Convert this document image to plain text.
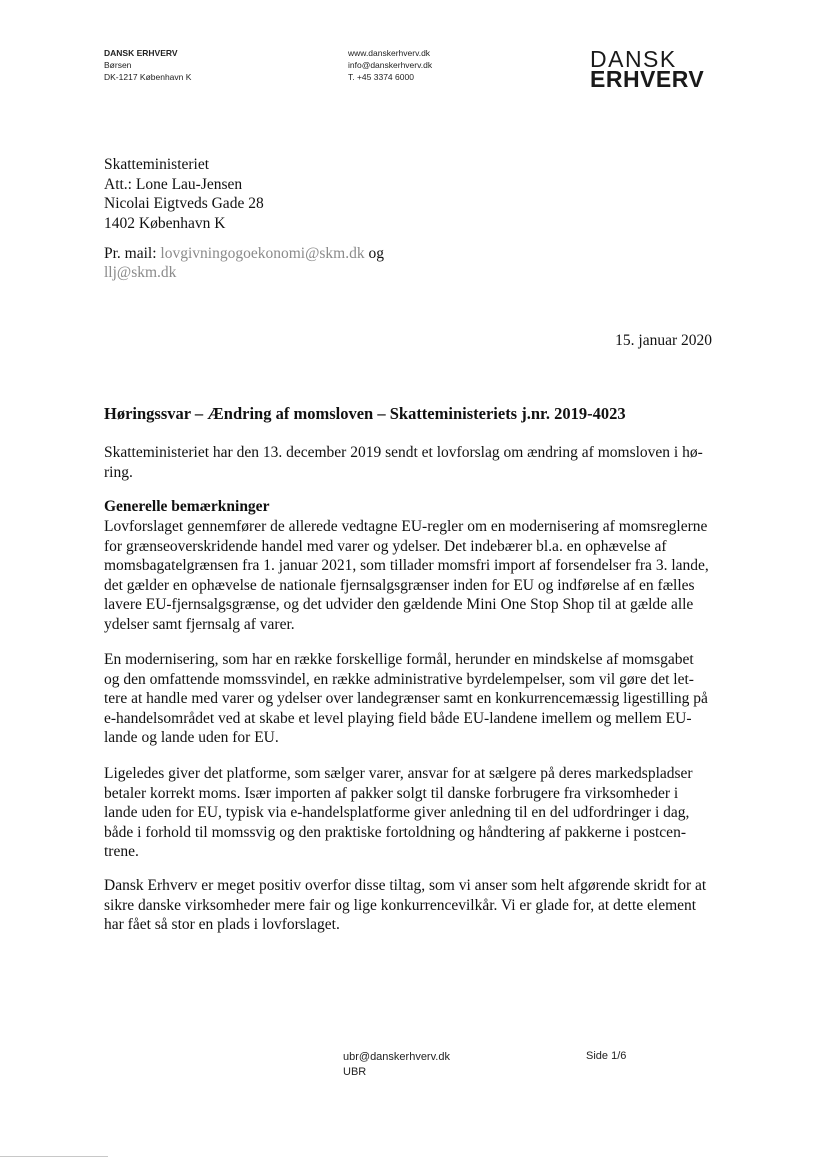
DANSK ERHVERV
Børsen
DK-1217 København K
www.danskerhverv.dk
info@danskerhverv.dk
T. +45 3374 6000
DANSK
ERHVERV
Skatteministeriet
Att.: Lone Lau-Jensen
Nicolai Eigtveds Gade 28
1402 København K
Pr. mail: lovgivningogoekonomi@skm.dk og llj@skm.dk
15. januar 2020
Høringssvar – Ændring af momsloven – Skatteministeriets j.nr. 2019-4023
Skatteministeriet har den 13. december 2019 sendt et lovforslag om ændring af momsloven i hø-ring.
Generelle bemærkninger
Lovforslaget gennemfører de allerede vedtagne EU-regler om en modernisering af momsreglerne for grænseoverskridende handel med varer og ydelser. Det indebærer bl.a. en ophævelse af momsbagatelgrænsen fra 1. januar 2021, som tillader momsfri import af forsendelser fra 3. lande, det gælder en ophævelse de nationale fjernsalgsgrænser inden for EU og indførelse af en fælles lavere EU-fjernsalgsgrænse, og det udvider den gældende Mini One Stop Shop til at gælde alle ydelser samt fjernsalg af varer.
En modernisering, som har en række forskellige formål, herunder en mindskelse af momsgabet og den omfattende momssvindel, en række administrative byrdelempelser, som vil gøre det let-tere at handle med varer og ydelser over landegrænser samt en konkurrencemæssig ligestilling på e-handelsområdet ved at skabe et level playing field både EU-landene imellem og mellem EU-lande og lande uden for EU.
Ligeledes giver det platforme, som sælger varer, ansvar for at sælgere på deres markedspladser betaler korrekt moms. Især importen af pakker solgt til danske forbrugere fra virksomheder i lande uden for EU, typisk via e-handelsplatforme giver anledning til en del udfordringer i dag, både i forhold til momssvig og den praktiske fortoldning og håndtering af pakkerne i postcen-trene.
Dansk Erhverv er meget positiv overfor disse tiltag, som vi anser som helt afgørende skridt for at sikre danske virksomheder mere fair og lige konkurrencevilkår. Vi er glade for, at dette element har fået så stor en plads i lovforslaget.
ubr@danskerhverv.dk
UBR
Side 1/6
